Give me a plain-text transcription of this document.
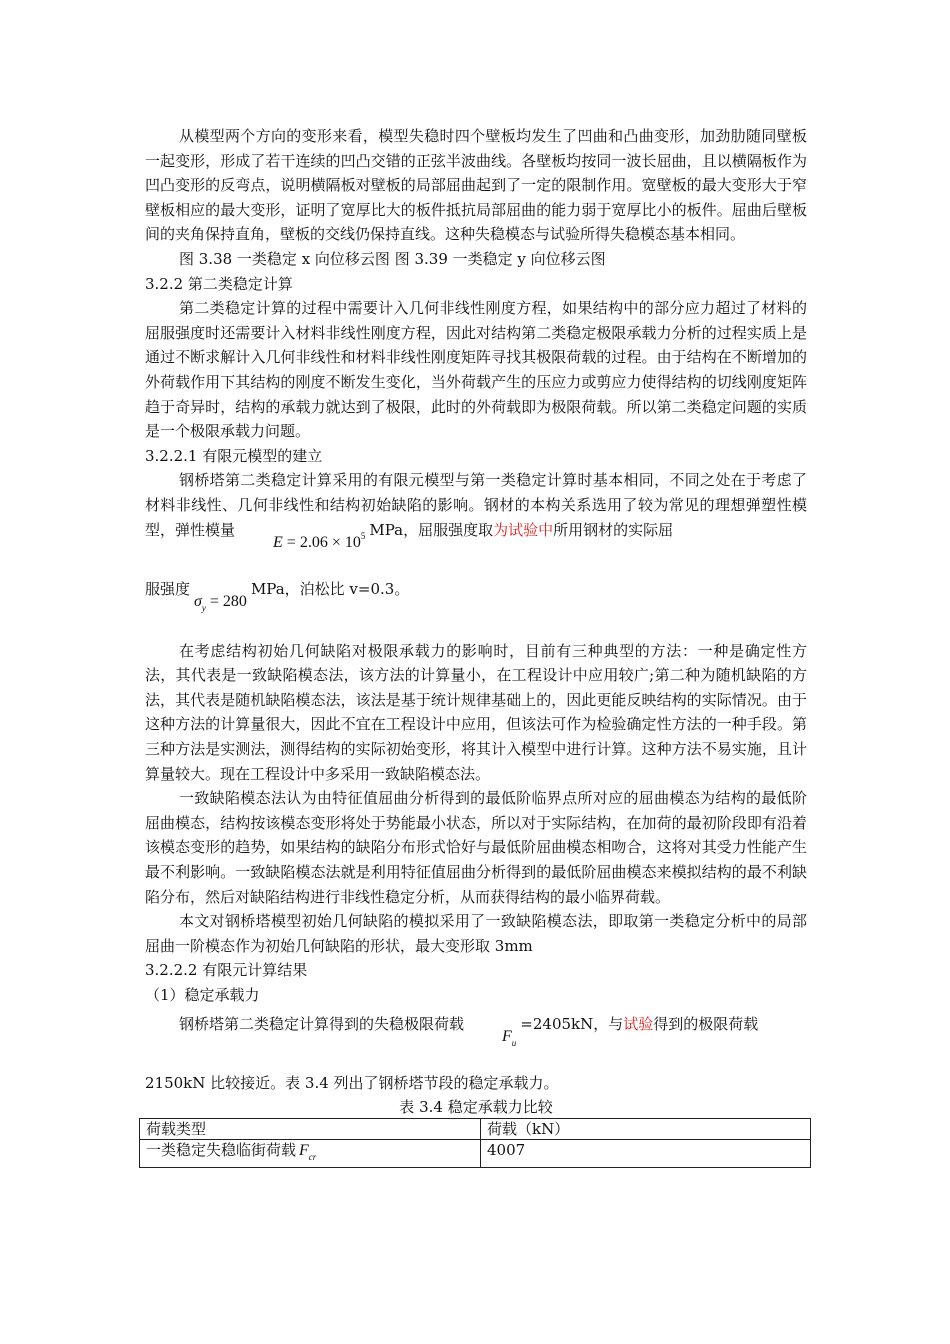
从模型两个方向的变形来看，模型失稳时四个壁板均发生了凹曲和凸曲变形，加劲肋随同壁板一起变形，形成了若干连续的凹凸交错的正弦半波曲线。各壁板均按同一波长屈曲，且以横隔板作为凹凸变形的反弯点，说明横隔板对壁板的局部屈曲起到了一定的限制作用。宽壁板的最大变形大于窄壁板相应的最大变形，证明了宽厚比大的板件抵抗局部屈曲的能力弱于宽厚比小的板件。屈曲后壁板间的夹角保持直角，壁板的交线仍保持直线。这种失稳模态与试验所得失稳模态基本相同。

图 3.38 一类稳定 x 向位移云图 图 3.39 一类稳定 y 向位移云图

3.2.2 第二类稳定计算

第二类稳定计算的过程中需要计入几何非线性刚度方程，如果结构中的部分应力超过了材料的屈服强度时还需要计入材料非线性刚度方程，因此对结构第二类稳定极限承载力分析的过程实质上是通过不断求解计入几何非线性和材料非线性刚度矩阵寻找其极限荷载的过程。由于结构在不断增加的外荷载作用下其结构的刚度不断发生变化，当外荷载产生的压应力或剪应力使得结构的切线刚度矩阵趋于奇异时，结构的承载力就达到了极限，此时的外荷载即为极限荷载。所以第二类稳定问题的实质是一个极限承载力问题。

3.2.2.1 有限元模型的建立

钢桥塔第二类稳定计算采用的有限元模型与第一类稳定计算时基本相同，不同之处在于考虑了材料非线性、几何非线性和结构初始缺陷的影响。钢材的本构关系选用了较为常见的理想弹塑性模型，弹性模量$E = 2.06 \times 10^5$ MPa，屈服强度取为试验中所用钢材的实际屈

服强度$\sigma_y = 280MPa$，泊松比 v=0.3。

在考虑结构初始几何缺陷对极限承载力的影响时，目前有三种典型的方法：一种是确定性方法，其代表是一致缺陷模态法，该方法的计算量小，在工程设计中应用较广;第二种为随机缺陷的方法，其代表是随机缺陷模态法，该法是基于统计规律基础上的，因此更能反映结构的实际情况。由于这种方法的计算量很大，因此不宜在工程设计中应用，但该法可作为检验确定性方法的一种手段。第三种方法是实测法，测得结构的实际初始变形，将其计入模型中进行计算。这种方法不易实施，且计算量较大。现在工程设计中多采用一致缺陷模态法。

一致缺陷模态法认为由特征值屈曲分析得到的最低阶临界点所对应的屈曲模态为结构的最低阶屈曲模态，结构按该模态变形将处于势能最小状态，所以对于实际结构，在加荷的最初阶段即有沿着该模态变形的趋势，如果结构的缺陷分布形式恰好与最低阶屈曲模态相吻合，这将对其受力性能产生最不利影响。一致缺陷模态法就是利用特征值屈曲分析得到的最低阶屈曲模态来模拟结构的最不利缺陷分布，然后对缺陷结构进行非线性稳定分析，从而获得结构的最小临界荷载。

本文对钢桥塔模型初始几何缺陷的模拟采用了一致缺陷模态法，即取第一类稳定分析中的局部屈曲一阶模态作为初始几何缺陷的形状，最大变形取 3mm

3.2.2.2 有限元计算结果

（1）稳定承载力

钢桥塔第二类稳定计算得到的失稳极限荷载$F_u=2405kN$，与试验得到的极限荷载

2150kN 比较接近。表 3.4 列出了钢桥塔节段的稳定承载力。

表 3.4 稳定承载力比较

荷载类型	荷载（kN）
一类稳定失稳临街荷载 $F_{cr}$	4007
